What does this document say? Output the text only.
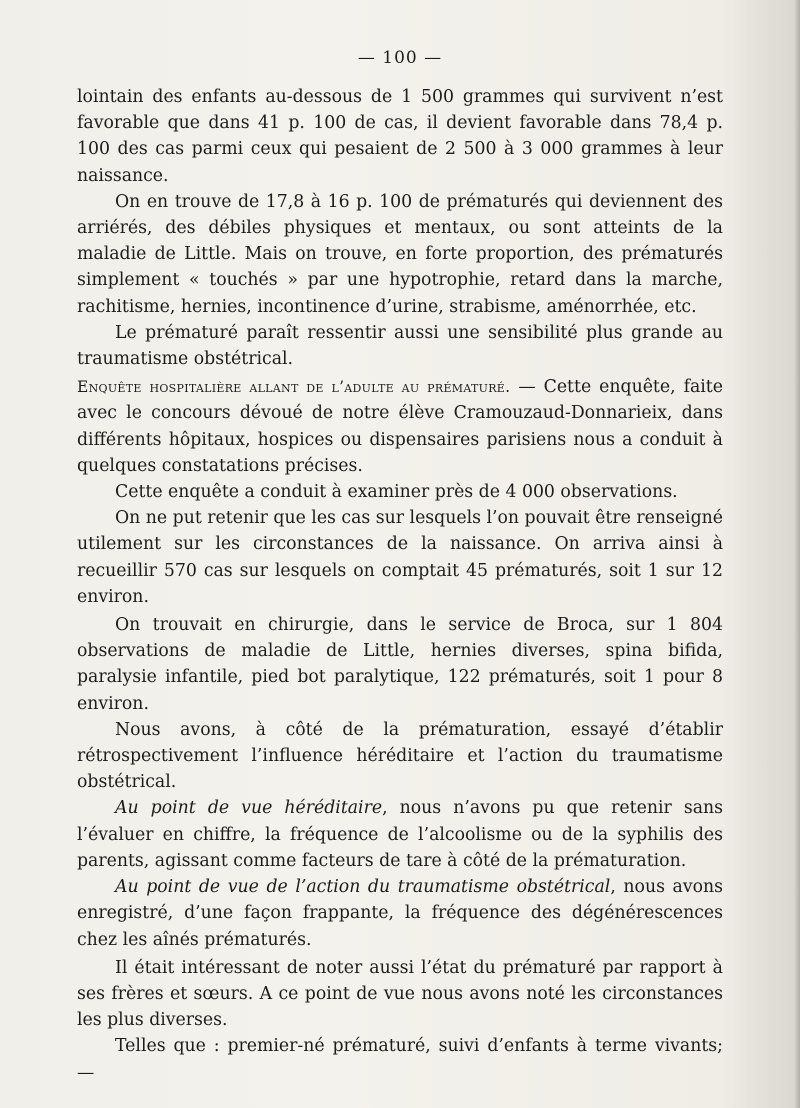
— 100 —

lointain des enfants au-dessous de 1 500 grammes qui survivent n’est favorable que dans 41 p. 100 de cas, il devient favorable dans 78,4 p. 100 des cas parmi ceux qui pesaient de 2 500 à 3 000 grammes à leur naissance.

On en trouve de 17,8 à 16 p. 100 de prématurés qui deviennent des arriérés, des débiles physiques et mentaux, ou sont atteints de la maladie de Little. Mais on trouve, en forte proportion, des prématurés simplement « touchés » par une hypotrophie, retard dans la marche, rachitisme, hernies, incontinence d’urine, strabisme, aménorrhée, etc.

Le prématuré paraît ressentir aussi une sensibilité plus grande au traumatisme obstétrical.

Enquête hospitalière allant de l’adulte au prématuré. — Cette enquête, faite avec le concours dévoué de notre élève Cramouzaud-Donnarieix, dans différents hôpitaux, hospices ou dispensaires parisiens nous a conduit à quelques constatations précises.

Cette enquête a conduit à examiner près de 4 000 observations.

On ne put retenir que les cas sur lesquels l’on pouvait être renseigné utilement sur les circonstances de la naissance. On arriva ainsi à recueillir 570 cas sur lesquels on comptait 45 prématurés, soit 1 sur 12 environ.

On trouvait en chirurgie, dans le service de Broca, sur 1 804 observations de maladie de Little, hernies diverses, spina bifida, paralysie infantile, pied bot paralytique, 122 prématurés, soit 1 pour 8 environ.

Nous avons, à côté de la prématuration, essayé d’établir rétrospectivement l’influence héréditaire et l’action du traumatisme obstétrical.

Au point de vue héréditaire, nous n’avons pu que retenir sans l’évaluer en chiffre, la fréquence de l’alcoolisme ou de la syphilis des parents, agissant comme facteurs de tare à côté de la prématuration.

Au point de vue de l’action du traumatisme obstétrical, nous avons enregistré, d’une façon frappante, la fréquence des dégénérescences chez les aînés prématurés.

Il était intéressant de noter aussi l’état du prématuré par rapport à ses frères et sœurs. A ce point de vue nous avons noté les circonstances les plus diverses.

Telles que : premier-né prématuré, suivi d’enfants à terme vivants; —
